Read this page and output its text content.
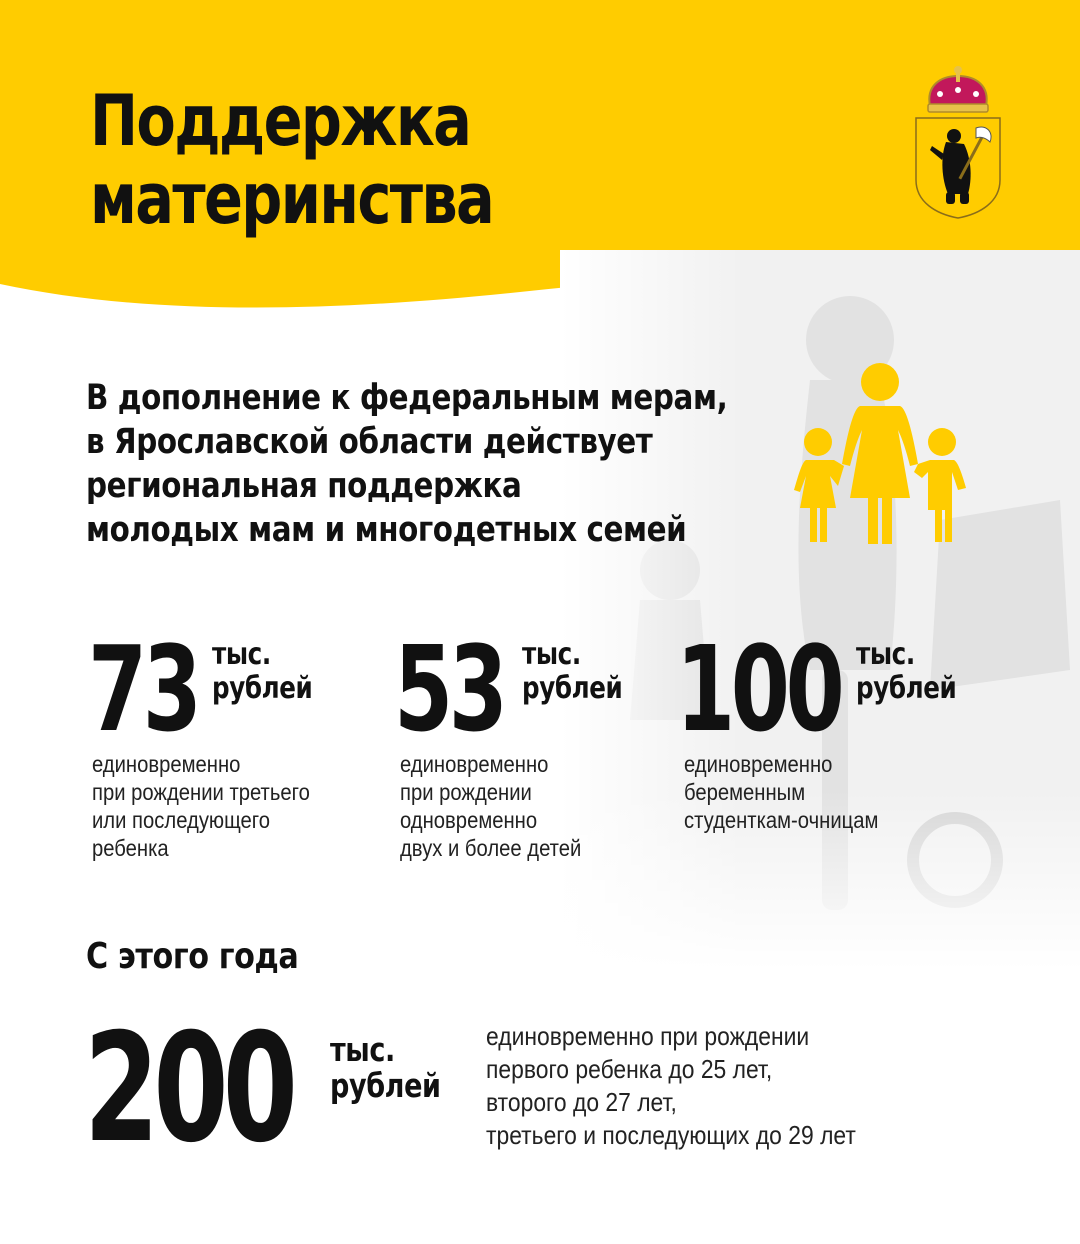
Поддержка
материнства
В дополнение к федеральным мерам,
в Ярославской области действует
региональная поддержка
молодых мам и многодетных семей
73 тыс.
рублей
единовременно
при рождении третьего
или последующего
ребенка
53 тыс.
рублей
единовременно
при рождении
одновременно
двух и более детей
100 тыс.
рублей
единовременно
беременным
студенткам-очницам
С этого года
200 тыс.
рублей
единовременно при рождении
первого ребенка до 25 лет,
второго до 27 лет,
третьего и последующих до 29 лет
